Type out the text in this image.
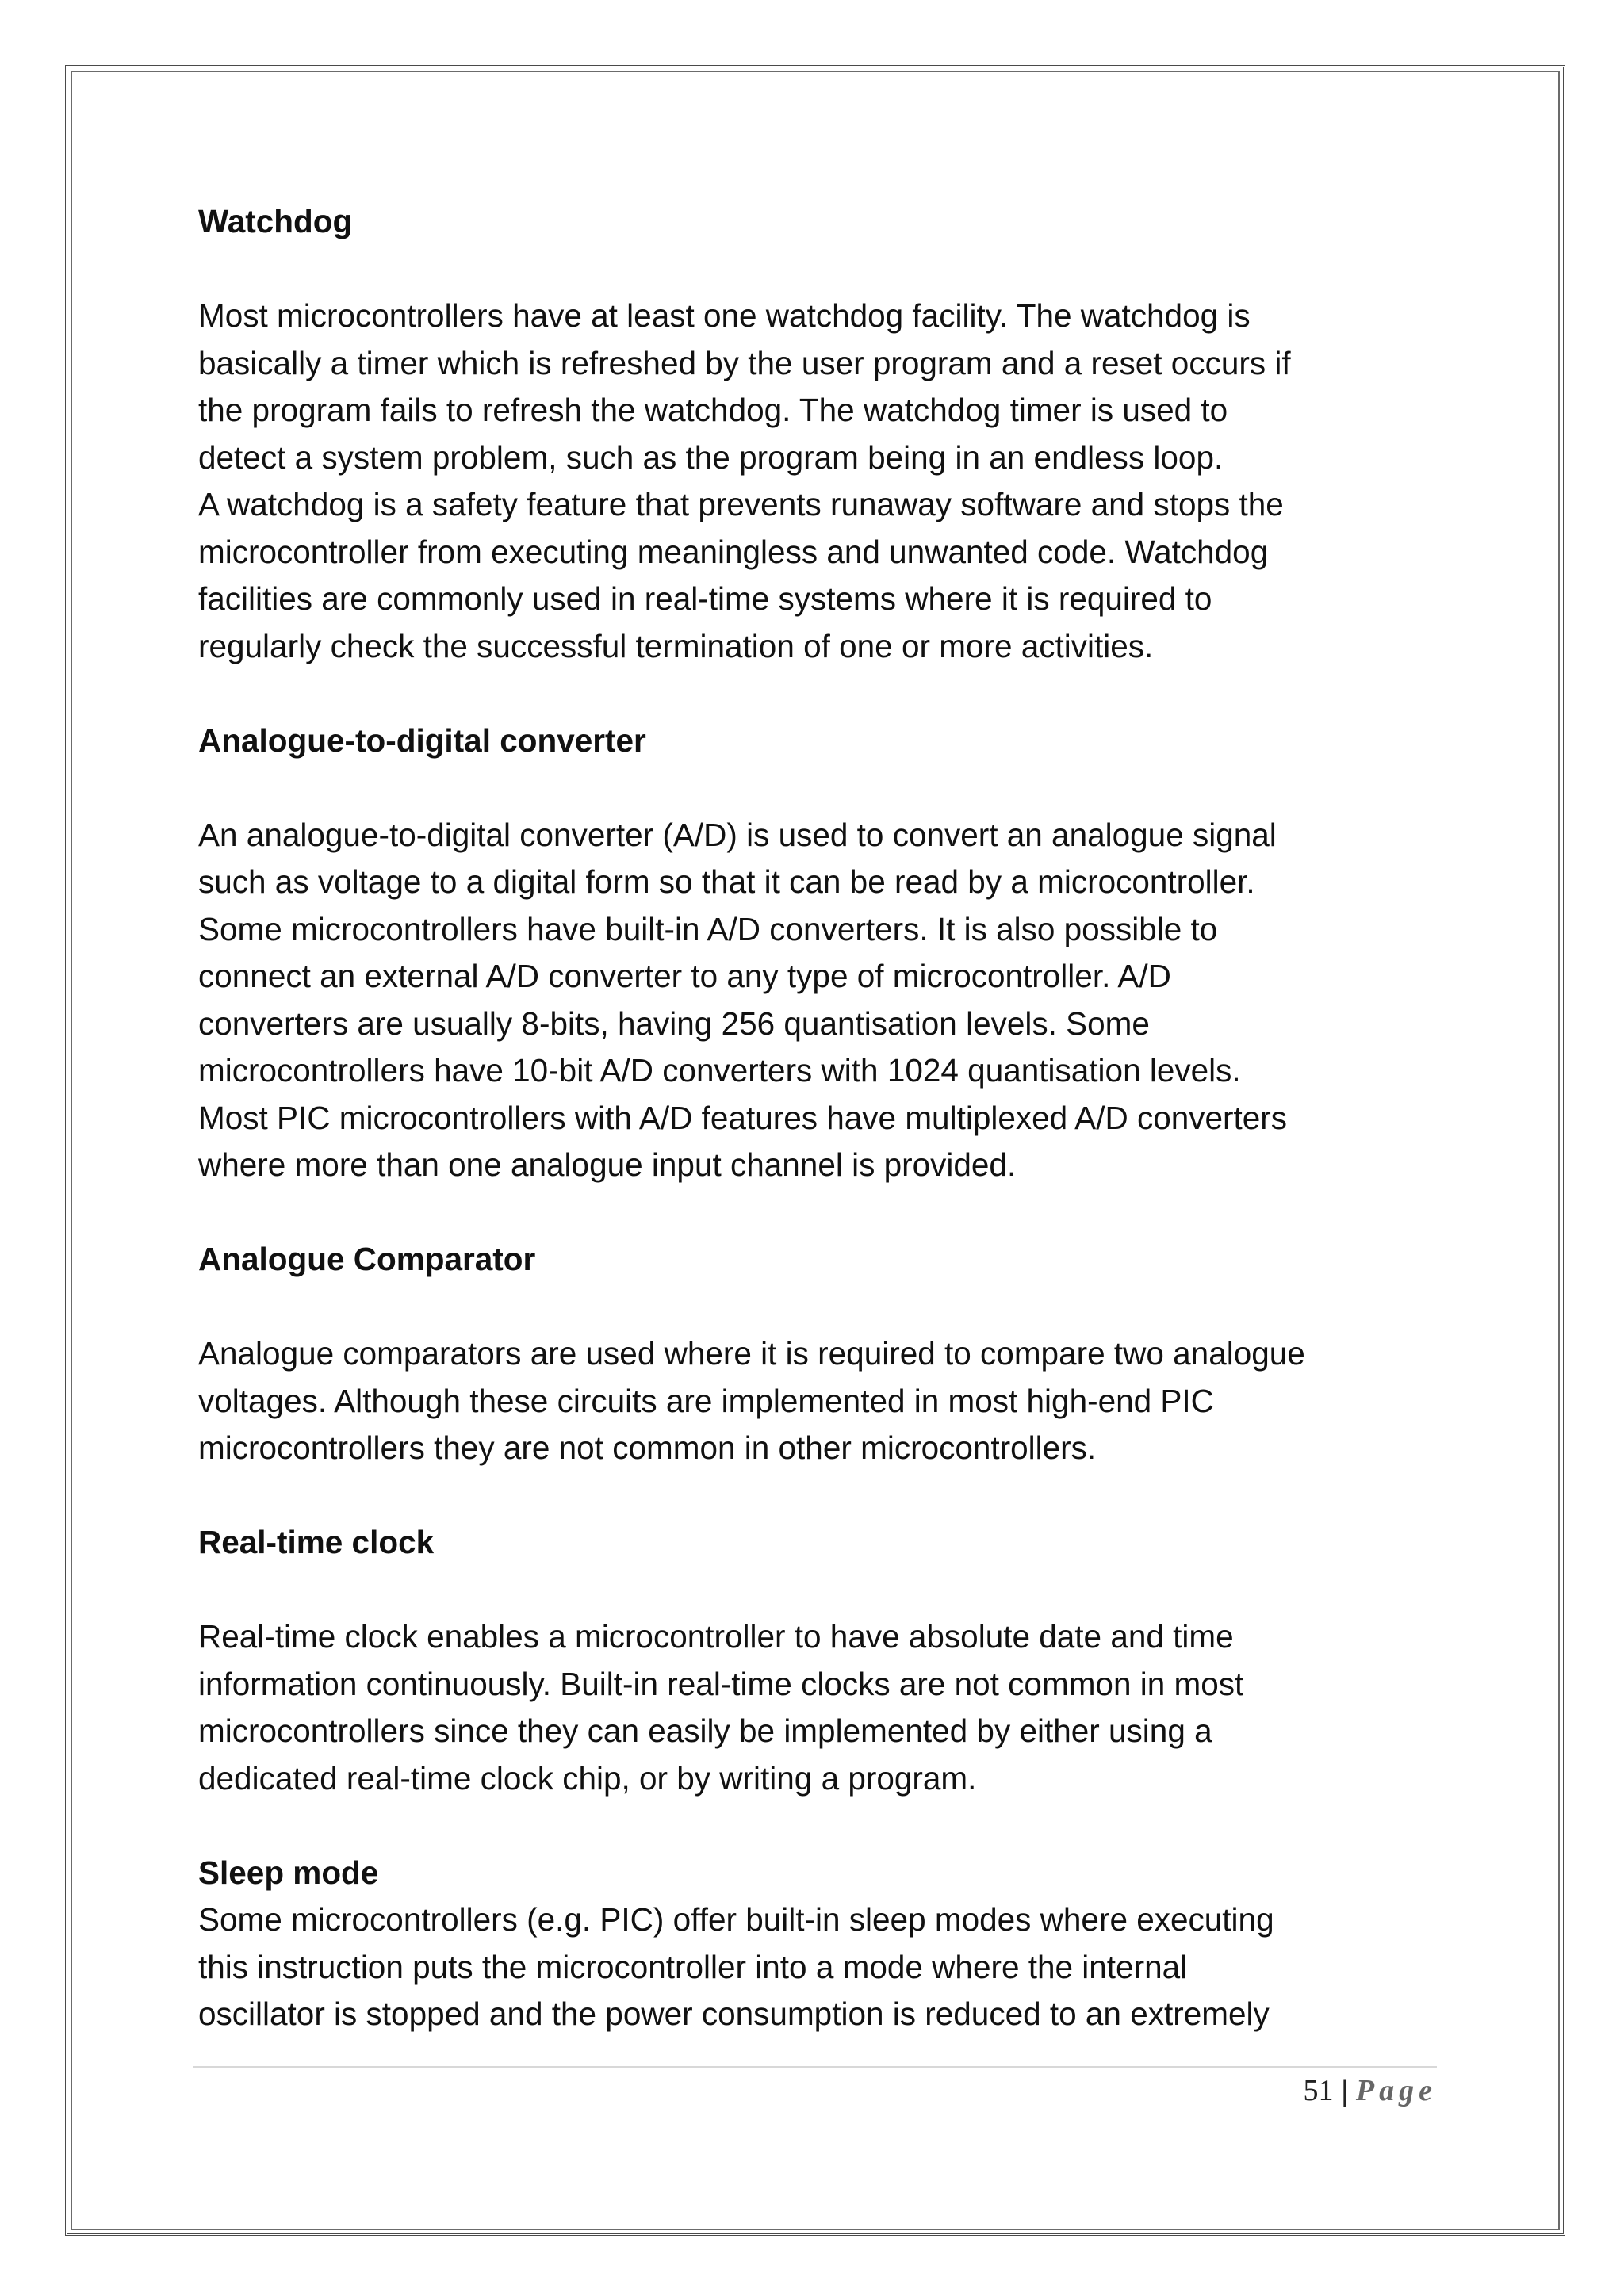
Watchdog

Most microcontrollers have at least one watchdog facility. The watchdog is

basically a timer which is refreshed by the user program and a reset occurs if

the program fails to refresh the watchdog. The watchdog timer is used to

detect a system problem, such as the program being in an endless loop.

A watchdog is a safety feature that prevents runaway software and stops the

microcontroller from executing meaningless and unwanted code. Watchdog

facilities are commonly used in real-time systems where it is required to

regularly check the successful termination of one or more activities.

Analogue-to-digital converter

An analogue-to-digital converter (A/D) is used to convert an analogue signal

such as voltage to a digital form so that it can be read by a microcontroller.

Some microcontrollers have built-in A/D converters. It is also possible to

connect an external A/D converter to any type of microcontroller. A/D

converters are usually 8-bits, having 256 quantisation levels. Some

microcontrollers have 10-bit A/D converters with 1024 quantisation levels.

Most PIC microcontrollers with A/D features have multiplexed A/D converters

where more than one analogue input channel is provided.

Analogue Comparator

Analogue comparators are used where it is required to compare two analogue

voltages. Although these circuits are implemented in most high-end PIC

microcontrollers they are not common in other microcontrollers.

Real-time clock

Real-time clock enables a microcontroller to have absolute date and time

information continuously. Built-in real-time clocks are not common in most

microcontrollers since they can easily be implemented by either using a

dedicated real-time clock chip, or by writing a program.

Sleep mode

Some microcontrollers (e.g. PIC) offer built-in sleep modes where executing

this instruction puts the microcontroller into a mode where the internal

oscillator is stopped and the power consumption is reduced to an extremely

51 | Page
